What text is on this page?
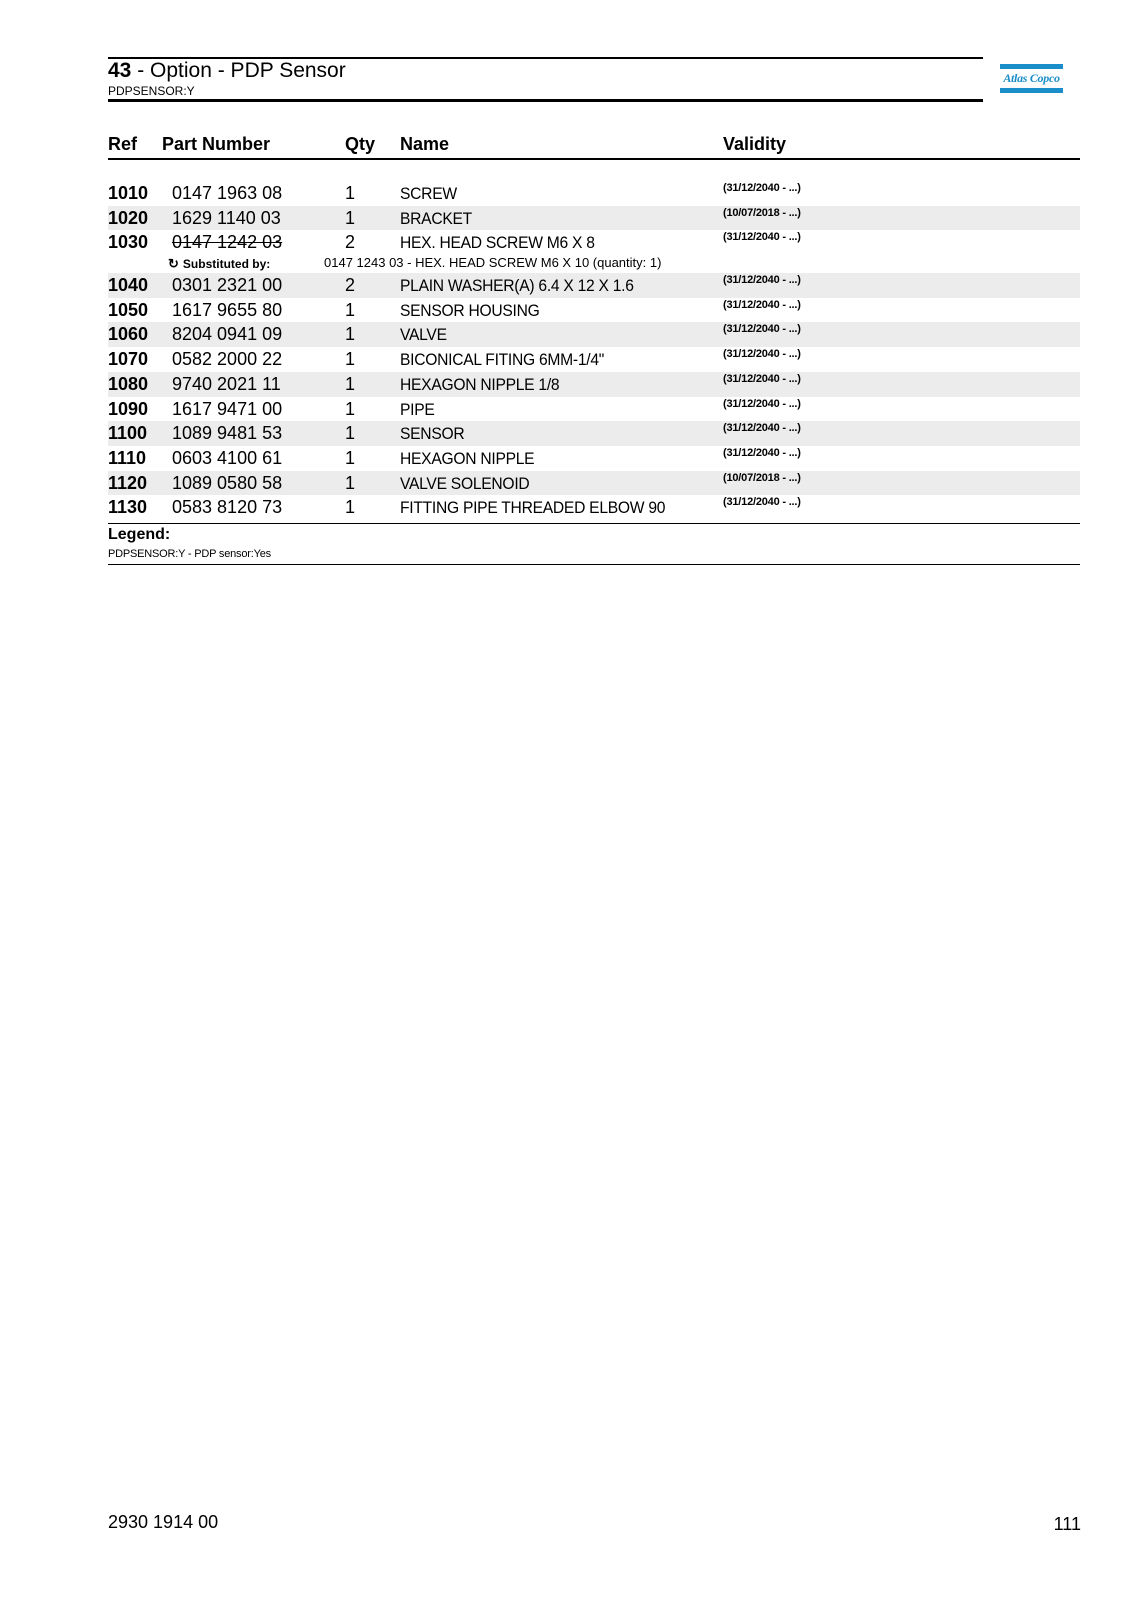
43 - Option - PDP Sensor
PDPSENSOR:Y
Atlas Copco
Ref Part Number	Qty Name	Validity
1010 0147 1963 08	1	SCREW	(31/12/2040 - ...)
1020 1629 1140 03	1	BRACKET	(10/07/2018 - ...)
1030 0147 1242 03	2	HEX. HEAD SCREW M6 X 8	(31/12/2040 - ...)
↻ Substituted by:	0147 1243 03 - HEX. HEAD SCREW M6 X 10 (quantity: 1)
1040 0301 2321 00	2	PLAIN WASHER(A) 6.4 X 12 X 1.6	(31/12/2040 - ...)
1050 1617 9655 80	1	SENSOR HOUSING	(31/12/2040 - ...)
1060 8204 0941 09	1	VALVE	(31/12/2040 - ...)
1070 0582 2000 22	1	BICONICAL FITING 6MM-1/4"	(31/12/2040 - ...)
1080 9740 2021 11	1	HEXAGON NIPPLE 1/8	(31/12/2040 - ...)
1090 1617 9471 00	1	PIPE	(31/12/2040 - ...)
1100 1089 9481 53	1	SENSOR	(31/12/2040 - ...)
1110 0603 4100 61	1	HEXAGON NIPPLE	(31/12/2040 - ...)
1120 1089 0580 58	1	VALVE SOLENOID	(10/07/2018 - ...)
1130 0583 8120 73	1	FITTING PIPE THREADED ELBOW 90	(31/12/2040 - ...)
Legend:
PDPSENSOR:Y - PDP sensor:Yes
2930 1914 00	111
